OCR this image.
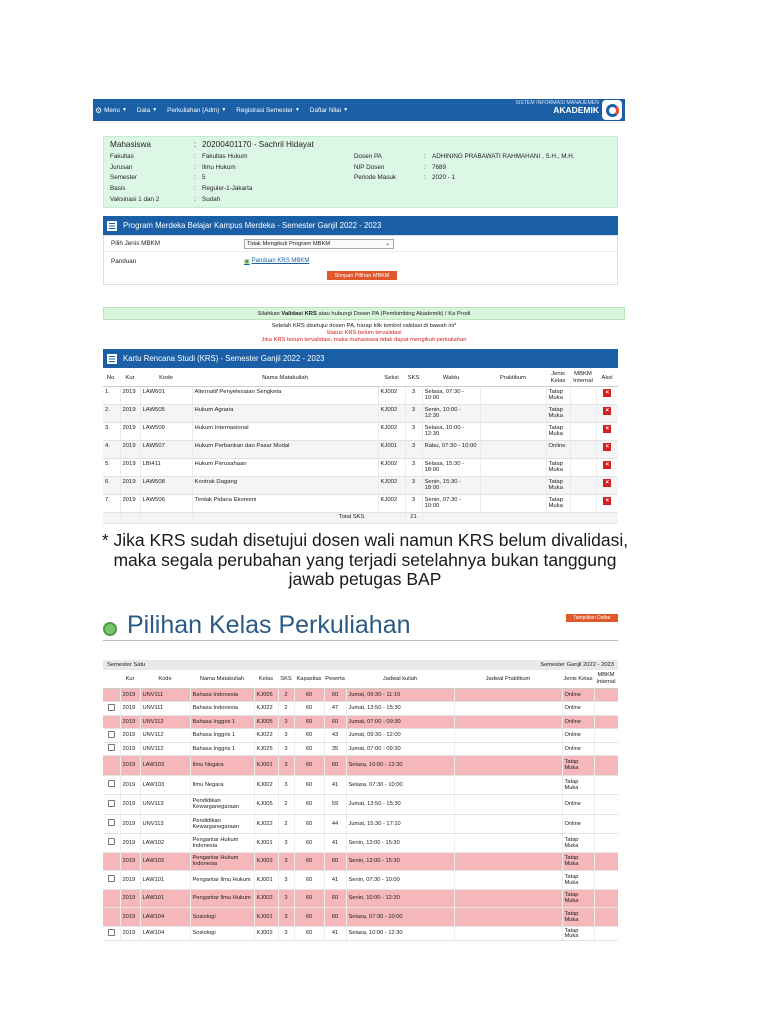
⚙ Menu ▼ Data ▼ Perkuliahan (Adm) ▼ Registrasi Semester ▼ Daftar Nilai ▼
SISTEM INFORMASI MANAJEMEN
AKADEMIK
Mahasiswa	: 20200401170 - Sachril Hidayat
Fakultas	: Fakultas Hukum
Jurusan	: Ilmu Hukum
Semester	: 5
Basis	: Reguler-1-Jakarta
Vaksinasi 1 dan 2	: Sudah
Dosen PA	: ADHINING PRABAWATI RAHMAHANI , S.H., M.H.
NIP Dosen	: 7689
Periode Masuk	: 2020 - 1
Program Merdeka Belajar Kampus Merdeka - Semester Ganjil 2022 - 2023
Pilih Jenis MBKM	Tidak Mengikuti Program MBKM	⌄
Panduan	▣ Panduan KRS MBKM
Simpan Pilihan MBKM
Silahkan
Validasi KRS
atau hubungi Dosen PA (Pembimbing Akademik) / Ka Prodi
Setelah KRS disetujui dosen PA, harap klik tombol validasi di bawah ini*
Status KRS belum tervalidasi
Jika KRS belum tervalidasi, maka mahasiswa tidak dapat mengikuti perkuliahan
Kartu Rencana Studi (KRS) - Semester Ganjil 2022 - 2023
No.	Kur	Kode	Nama Matakuliah	Seksi	SKS	Waktu	Praktikum	Jenis Kelas	MBKM Internal	Aksi
1.	2019	LAW601	Alternatif Penyelesaian Sengketa	KJ002	3	Selasa, 07:30 - 10:00		Tatap Muka		×
2.	2019	LAW505	Hukum Agraria	KJ002	3	Senin, 10:00 - 12:30		Tatap Muka		×
3.	2019	LAW509	Hukum Internasional	KJ002	3	Selasa, 10:00 - 12:30		Tatap Muka		×
4.	2019	LAW507	Hukum Perbankan dan Pasar Modal	KJ001	3	Rabu, 07:30 - 10:00		Online		×
5.	2019	LBI411	Hukum Perusahaan	KJ002	3	Selasa, 15:30 - 18:00		Tatap Muka		×
6.	2019	LAW508	Kontrak Dagang	KJ002	3	Senin, 15:30 - 18:00		Tatap Muka		×
7.	2019	LAW506	Tindak Pidana Ekonomi	KJ002	3	Senin, 07:30 - 10:00		Tatap Muka		×
			Total SKS		21					
* Jika KRS sudah disetujui dosen wali namun KRS belum divalidasi, maka segala perubahan yang terjadi setelahnya bukan tanggung jawab petugas BAP
Pilihan Kelas Perkuliahan	Tampilkan Daftar
Semester Satu	Semester Ganjil 2022 - 2023
	Kur	Kode	Nama Matakuliah	Kelas	SKS	Kapasitas	Peserta	Jadwal kuliah	Jadwal Praktikum	Jenis Kelas	MBKM Internal
	2019	UNV111	Bahasa Indonesia	KJ005	2	60	60	Jumat, 09:30 - 11:10		Online	
	2019	UNV111	Bahasa Indonesia	KJ022	2	60	47	Jumat, 13:50 - 15:30		Online	
	2019	UNV112	Bahasa Inggris 1	KJ005	3	60	60	Jumat, 07:00 - 09:30		Online	
	2019	UNV112	Bahasa Inggris 1	KJ022	3	60	43	Jumat, 09:30 - 12:00		Online	
	2019	UNV112	Bahasa Inggris 1	KJ025	3	60	35	Jumat, 07:00 - 09:30		Online	
	2019	LAW103	Ilmu Negara	KJ001	3	60	60	Selasa, 10:00 - 12:30		Tatap Muka	
	2019	LAW103	Ilmu Negara	KJ002	3	60	41	Selasa, 07:30 - 10:00		Tatap Muka	
	2019	UNV113	Pendidikan Kewarganegaraan	KJ005	2	60	59	Jumat, 13:50 - 15:30		Online	
	2019	UNV113	Pendidikan Kewarganegaraan	KJ022	2	60	44	Jumat, 15:30 - 17:10		Online	
	2019	LAW102	Pengantar Hukum Indonesia	KJ001	3	60	41	Senin, 13:00 - 15:30		Tatap Muka	
	2019	LAW102	Pengantar Hukum Indonesia	KJ002	3	60	60	Senin, 13:00 - 15:30		Tatap Muka	
	2019	LAW101	Pengantar Ilmu Hukum	KJ001	3	60	41	Senin, 07:30 - 10:00		Tatap Muka	
	2019	LAW101	Pengantar Ilmu Hukum	KJ002	3	60	60	Senin, 10:00 - 12:30		Tatap Muka	
	2019	LAW104	Sosiologi	KJ001	3	60	60	Selasa, 07:30 - 10:00		Tatap Muka	
	2019	LAW104	Sosiologi	KJ002	3	60	41	Selasa, 10:00 - 12:30		Tatap Muka	
